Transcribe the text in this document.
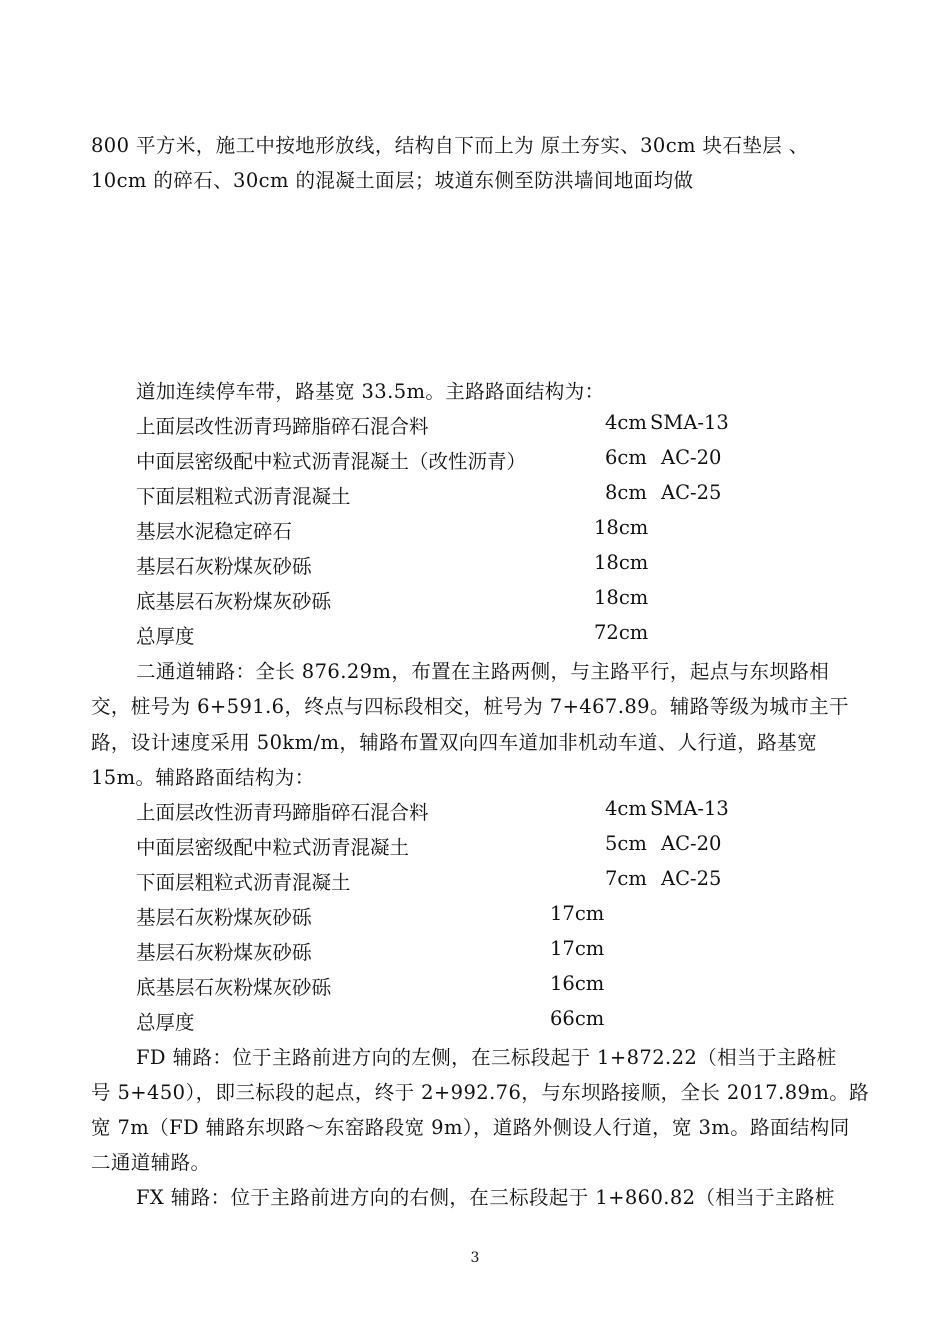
800 平方米，施工中按地形放线，结构自下而上为 原土夯实、30cm 块石垫层 、
10cm 的碎石、30cm 的混凝土面层；坡道东侧至防洪墙间地面均做
道加连续停车带，路基宽 33.5m。主路路面结构为：
上面层改性沥青玛蹄脂碎石混合料	4cm SMA-13
中面层密级配中粒式沥青混凝土（改性沥青）	6cm AC-20
下面层粗粒式沥青混凝土	8cm AC-25
基层水泥稳定碎石	18cm
基层石灰粉煤灰砂砾	18cm
底基层石灰粉煤灰砂砾	18cm
总厚度	72cm
二通道辅路：全长 876.29m，布置在主路两侧，与主路平行，起点与东坝路相
交，桩号为 6+591.6，终点与四标段相交，桩号为 7+467.89。辅路等级为城市主干
路，设计速度采用 50km/m，辅路布置双向四车道加非机动车道、人行道，路基宽
15m。辅路路面结构为：
上面层改性沥青玛蹄脂碎石混合料	4cm SMA-13
中面层密级配中粒式沥青混凝土	5cm AC-20
下面层粗粒式沥青混凝土	7cm AC-25
基层石灰粉煤灰砂砾	17cm
基层石灰粉煤灰砂砾	17cm
底基层石灰粉煤灰砂砾	16cm
总厚度	66cm
FD 辅路：位于主路前进方向的左侧，在三标段起于 1+872.22（相当于主路桩
号 5+450），即三标段的起点，终于 2+992.76，与东坝路接顺，全长 2017.89m。路
宽 7m（FD 辅路东坝路～东窑路段宽 9m），道路外侧设人行道，宽 3m。路面结构同
二通道辅路。
FX 辅路：位于主路前进方向的右侧，在三标段起于 1+860.82（相当于主路桩
3
